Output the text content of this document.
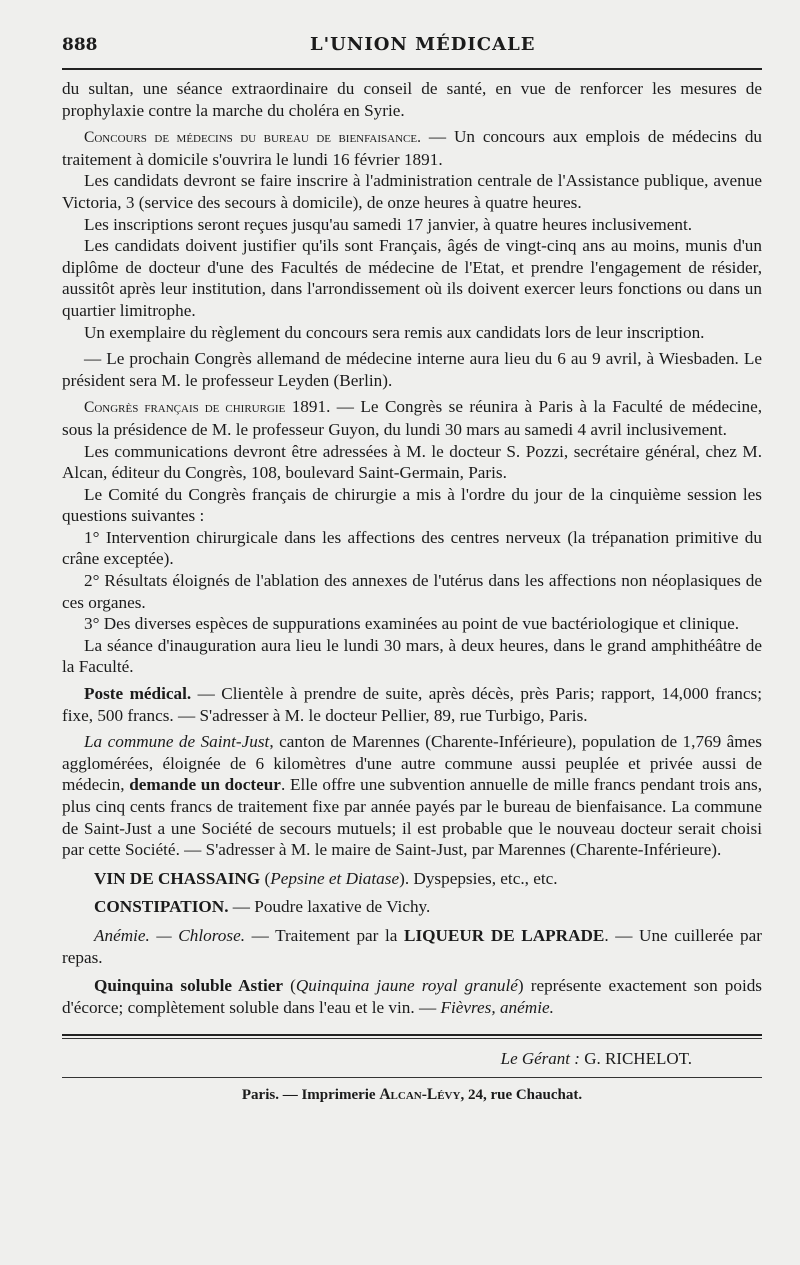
888	L'UNION MÉDICALE

du sultan, une séance extraordinaire du conseil de santé, en vue de renforcer les mesures de prophylaxie contre la marche du choléra en Syrie.

Concours de médecins du bureau de bienfaisance. — Un concours aux emplois de médecins du traitement à domicile s'ouvrira le lundi 16 février 1891.

Les candidats devront se faire inscrire à l'administration centrale de l'Assistance publique, avenue Victoria, 3 (service des secours à domicile), de onze heures à quatre heures.

Les inscriptions seront reçues jusqu'au samedi 17 janvier, à quatre heures inclusivement.

Les candidats doivent justifier qu'ils sont Français, âgés de vingt-cinq ans au moins, munis d'un diplôme de docteur d'une des Facultés de médecine de l'Etat, et prendre l'engagement de résider, aussitôt après leur institution, dans l'arrondissement où ils doivent exercer leurs fonctions ou dans un quartier limitrophe.

Un exemplaire du règlement du concours sera remis aux candidats lors de leur inscription.

— Le prochain Congrès allemand de médecine interne aura lieu du 6 au 9 avril, à Wiesbaden. Le président sera M. le professeur Leyden (Berlin).

Congrès français de chirurgie 1891. — Le Congrès se réunira à Paris à la Faculté de médecine, sous la présidence de M. le professeur Guyon, du lundi 30 mars au samedi 4 avril inclusivement.

Les communications devront être adressées à M. le docteur S. Pozzi, secrétaire général, chez M. Alcan, éditeur du Congrès, 108, boulevard Saint-Germain, Paris.

Le Comité du Congrès français de chirurgie a mis à l'ordre du jour de la cinquième session les questions suivantes :

1° Intervention chirurgicale dans les affections des centres nerveux (la trépanation primitive du crâne exceptée).

2° Résultats éloignés de l'ablation des annexes de l'utérus dans les affections non néoplasiques de ces organes.

3° Des diverses espèces de suppurations examinées au point de vue bactériologique et clinique.

La séance d'inauguration aura lieu le lundi 30 mars, à deux heures, dans le grand amphithéâtre de la Faculté.

Poste médical. — Clientèle à prendre de suite, après décès, près Paris; rapport, 14,000 francs; fixe, 500 francs. — S'adresser à M. le docteur Pellier, 89, rue Turbigo, Paris.

La commune de Saint-Just, canton de Marennes (Charente-Inférieure), population de 1,769 âmes agglomérées, éloignée de 6 kilomètres d'une autre commune aussi peuplée et privée aussi de médecin, demande un docteur. Elle offre une subvention annuelle de mille francs pendant trois ans, plus cinq cents francs de traitement fixe par année payés par le bureau de bienfaisance. La commune de Saint-Just a une Société de secours mutuels; il est probable que le nouveau docteur serait choisi par cette Société. — S'adresser à M. le maire de Saint-Just, par Marennes (Charente-Inférieure).

VIN DE CHASSAING (Pepsine et Diatase). Dyspepsies, etc., etc.

CONSTIPATION. — Poudre laxative de Vichy.

Anémie. — Chlorose. — Traitement par la LIQUEUR DE LAPRADE. — Une cuillerée par repas.

Quinquina soluble Astier (Quinquina jaune royal granulé) représente exactement son poids d'écorce; complètement soluble dans l'eau et le vin. — Fièvres, anémie.

Le Gérant : G. RICHELOT.
Paris. — Imprimerie Alcan-Lévy, 24, rue Chauchat.
